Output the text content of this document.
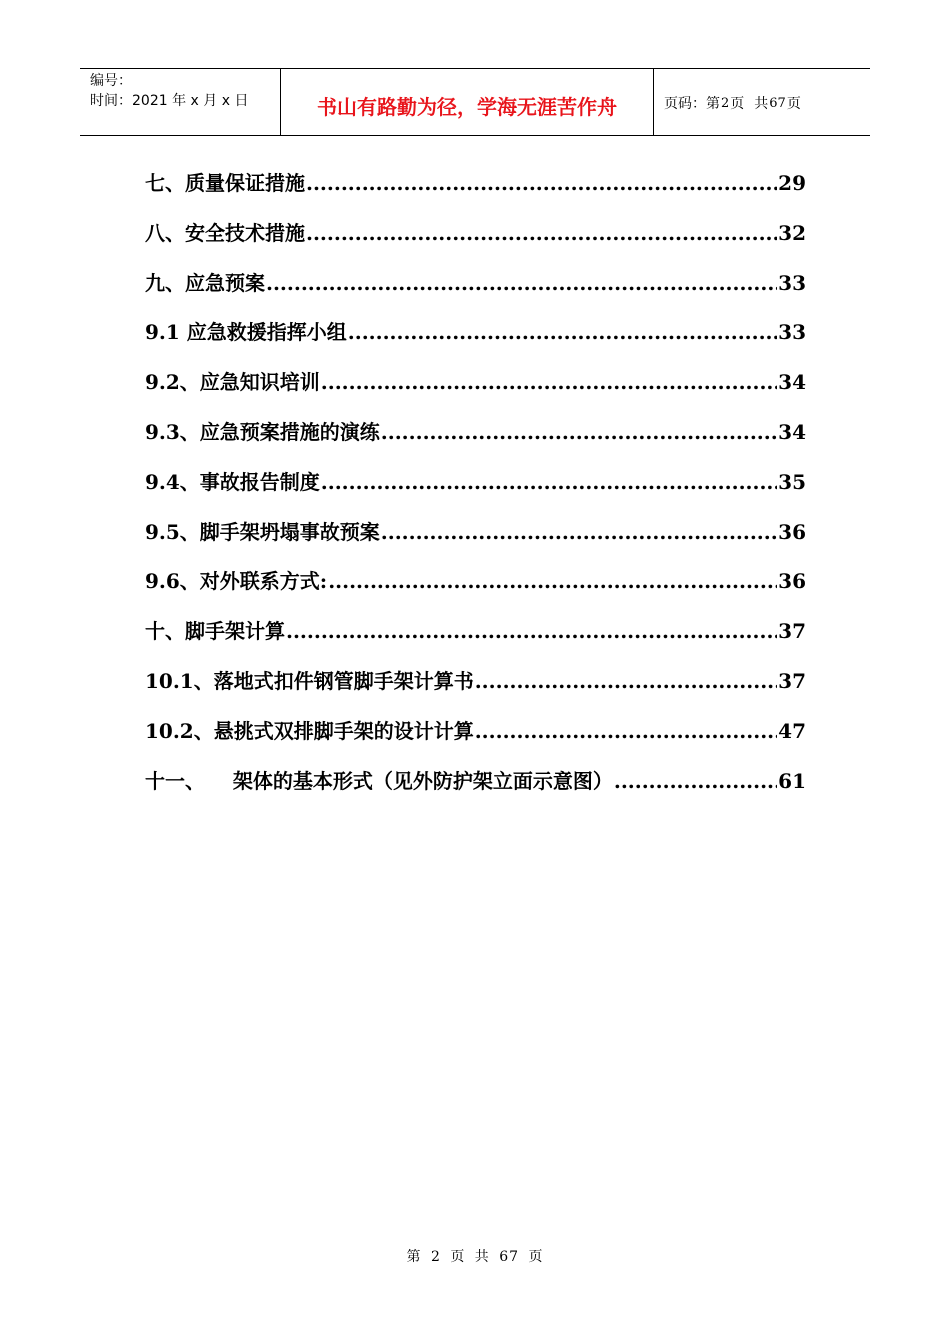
编号：
时间：2021 年 x 月 x 日	书山有路勤为径，学海无涯苦作舟	页码：第 2 页 共 67 页
七、质量保证措施 .....	29
八、安全技术措施 .....	32
九、应急预案 .....	33
9.1 应急救援指挥小组 .....	33
9.2、应急知识培训 .....	34
9.3、应急预案措施的演练 .....	34
9.4、事故报告制度 .....	35
9.5、脚手架坍塌事故预案 .....	36
9.6、对外联系方式: .....	36
十、脚手架计算 .....	37
10.1、落地式扣件钢管脚手架计算书 .....	37
10.2、悬挑式双排脚手架的设计计算 .....	47
十一、    架体的基本形式（见外防护架立面示意图） .....	61
第 2 页 共 67 页
